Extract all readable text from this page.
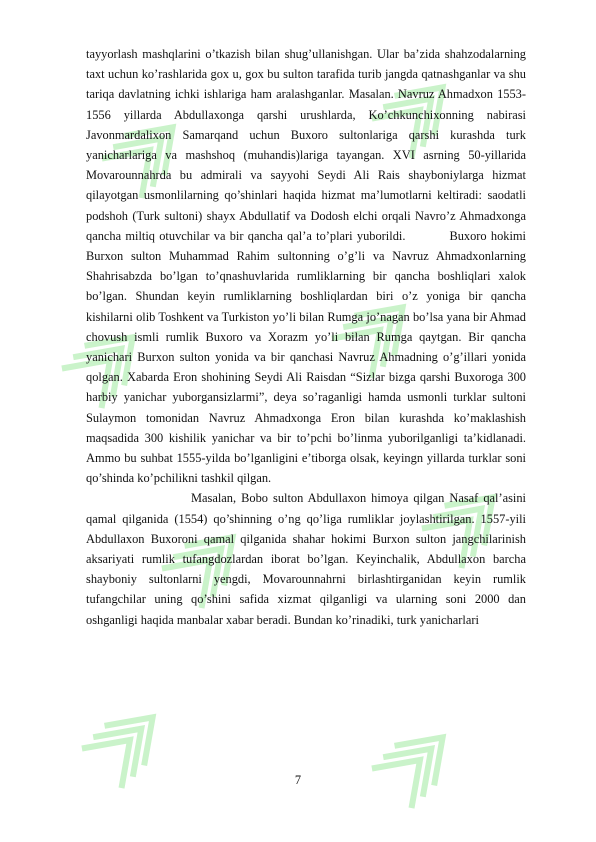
tayyorlash mashqlarini o’tkazish bilan shug’ullanishgan. Ular ba’zida shahzodalarning taxt uchun ko’rashlarida gox u, gox bu sulton tarafida turib jangda qatnashganlar va shu tariqa davlatning ichki ishlariga ham aralashganlar. Masalan. Navruz Ahmadxon 1553-1556 yillarda Abdullaxonga qarshi urushlarda, Ko’chkunchixonning nabirasi Javonmardalixon Samarqand uchun Buxoro sultonlariga qarshi kurashda turk yanicharlariga va mashshoq (muhandis)lariga tayangan. XVI asrning 50-yillarida Movarounnahrda bu admirali va sayyohi Seydi Ali Rais shayboniylarga hizmat qilayotgan usmonlilarning qo’shinlari haqida hizmat ma’lumotlarni keltiradi: saodatli podshoh (Turk sultoni) shayx Abdullatif va Dodosh elchi orqali Navro’z Ahmadxonga qancha miltiq otuvchilar va bir qancha qal’a to’plari yuborildi.	Buxoro hokimi Burxon sulton Muhammad Rahim sultonning o’g’li va Navruz Ahmadxonlarning Shahrisabzda bo’lgan to’qnashuvlarida rumliklarning bir qancha boshliqlari xalok bo’lgan. Shundan keyin rumliklarning boshliqlardan biri o’z yoniga bir qancha kishilarni olib Toshkent va Turkiston yo’li bilan Rumga jo’nagan bo’lsa yana bir Ahmad chovush ismli rumlik Buxoro va Xorazm yo’li bilan Rumga qaytgan. Bir qancha yanichari Burxon sulton yonida va bir qanchasi Navruz Ahmadning o’g’illari yonida qolgan. Xabarda Eron shohining Seydi Ali Raisdan “Sizlar bizga qarshi Buxoroga 300 harbiy yanichar yuborgansizlarmi”, deya so’raganligi hamda usmonli turklar sultoni Sulaymon tomonidan Navruz Ahmadxonga Eron bilan kurashda ko’maklashish maqsadida 300 kishilik yanichar va bir to’pchi bo’linma yuborilganligi ta’kidlanadi. Ammo bu suhbat 1555-yilda bo’lganligini e’tiborga olsak, keyingn yillarda turklar soni qo’shinda ko’pchilikni tashkil qilgan.

Masalan, Bobo sulton Abdullaxon himoya qilgan Nasaf qal’asini qamal qilganida (1554) qo’shinning o’ng qo’liga rumliklar joylashtirilgan. 1557-yili Abdullaxon Buxoroni qamal qilganida shahar hokimi Burxon sulton jangchilarinish aksariyati rumlik tufangdozlardan iborat bo’lgan. Keyinchalik, Abdullaxon barcha shayboniy sultonlarni yengdi, Movarounnahrni birlashtirganidan keyin rumlik tufangchilar uning qo’shini safida xizmat qilganligi va ularning soni 2000 dan oshganligi haqida manbalar xabar beradi. Bundan ko’rinadiki, turk yanicharlari

7
